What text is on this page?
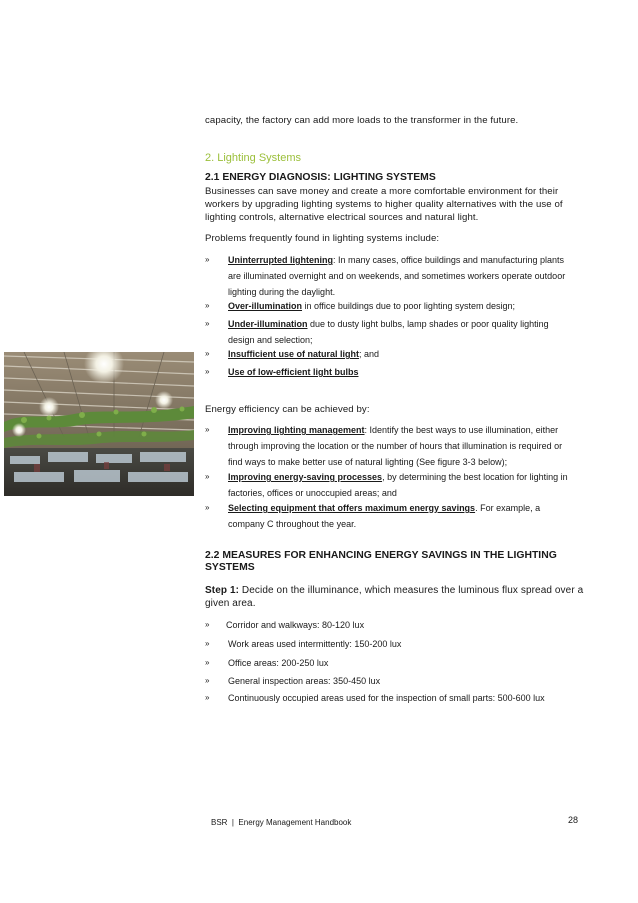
capacity, the factory can add more loads to the transformer in the future.
2. Lighting Systems
2.1 ENERGY DIAGNOSIS: LIGHTING SYSTEMS
Businesses can save money and create a more comfortable environment for their workers by upgrading lighting systems to higher quality alternatives with the use of lighting controls, alternative electrical sources and natural light.
Problems frequently found in lighting systems include:
» Uninterrupted lightening: In many cases, office buildings and manufacturing plants are illuminated overnight and on weekends, and sometimes workers operate outdoor lighting during the daylight.
» Over-illumination in office buildings due to poor lighting system design;
» Under-illumination due to dusty light bulbs, lamp shades or poor quality lighting design and selection;
» Insufficient use of natural light; and
» Use of low-efficient light bulbs
Energy efficiency can be achieved by:
» Improving lighting management: Identify the best ways to use illumination, either through improving the location or the number of hours that illumination is required or find ways to make better use of natural lighting (See figure 3-3 below);
» Improving energy-saving processes, by determining the best location for lighting in factories, offices or unoccupied areas; and
» Selecting equipment that offers maximum energy savings. For example, a company C throughout the year.
2.2 MEASURES FOR ENHANCING ENERGY SAVINGS IN THE LIGHTING SYSTEMS
Step 1: Decide on the illuminance, which measures the luminous flux spread over a given area.
» Corridor and walkways: 80-120 lux
» Work areas used intermittently: 150-200 lux
» Office areas: 200-250 lux
» General inspection areas: 350-450 lux
» Continuously occupied areas used for the inspection of small parts: 500-600 lux
BSR  |  Energy Management Handbook	28
